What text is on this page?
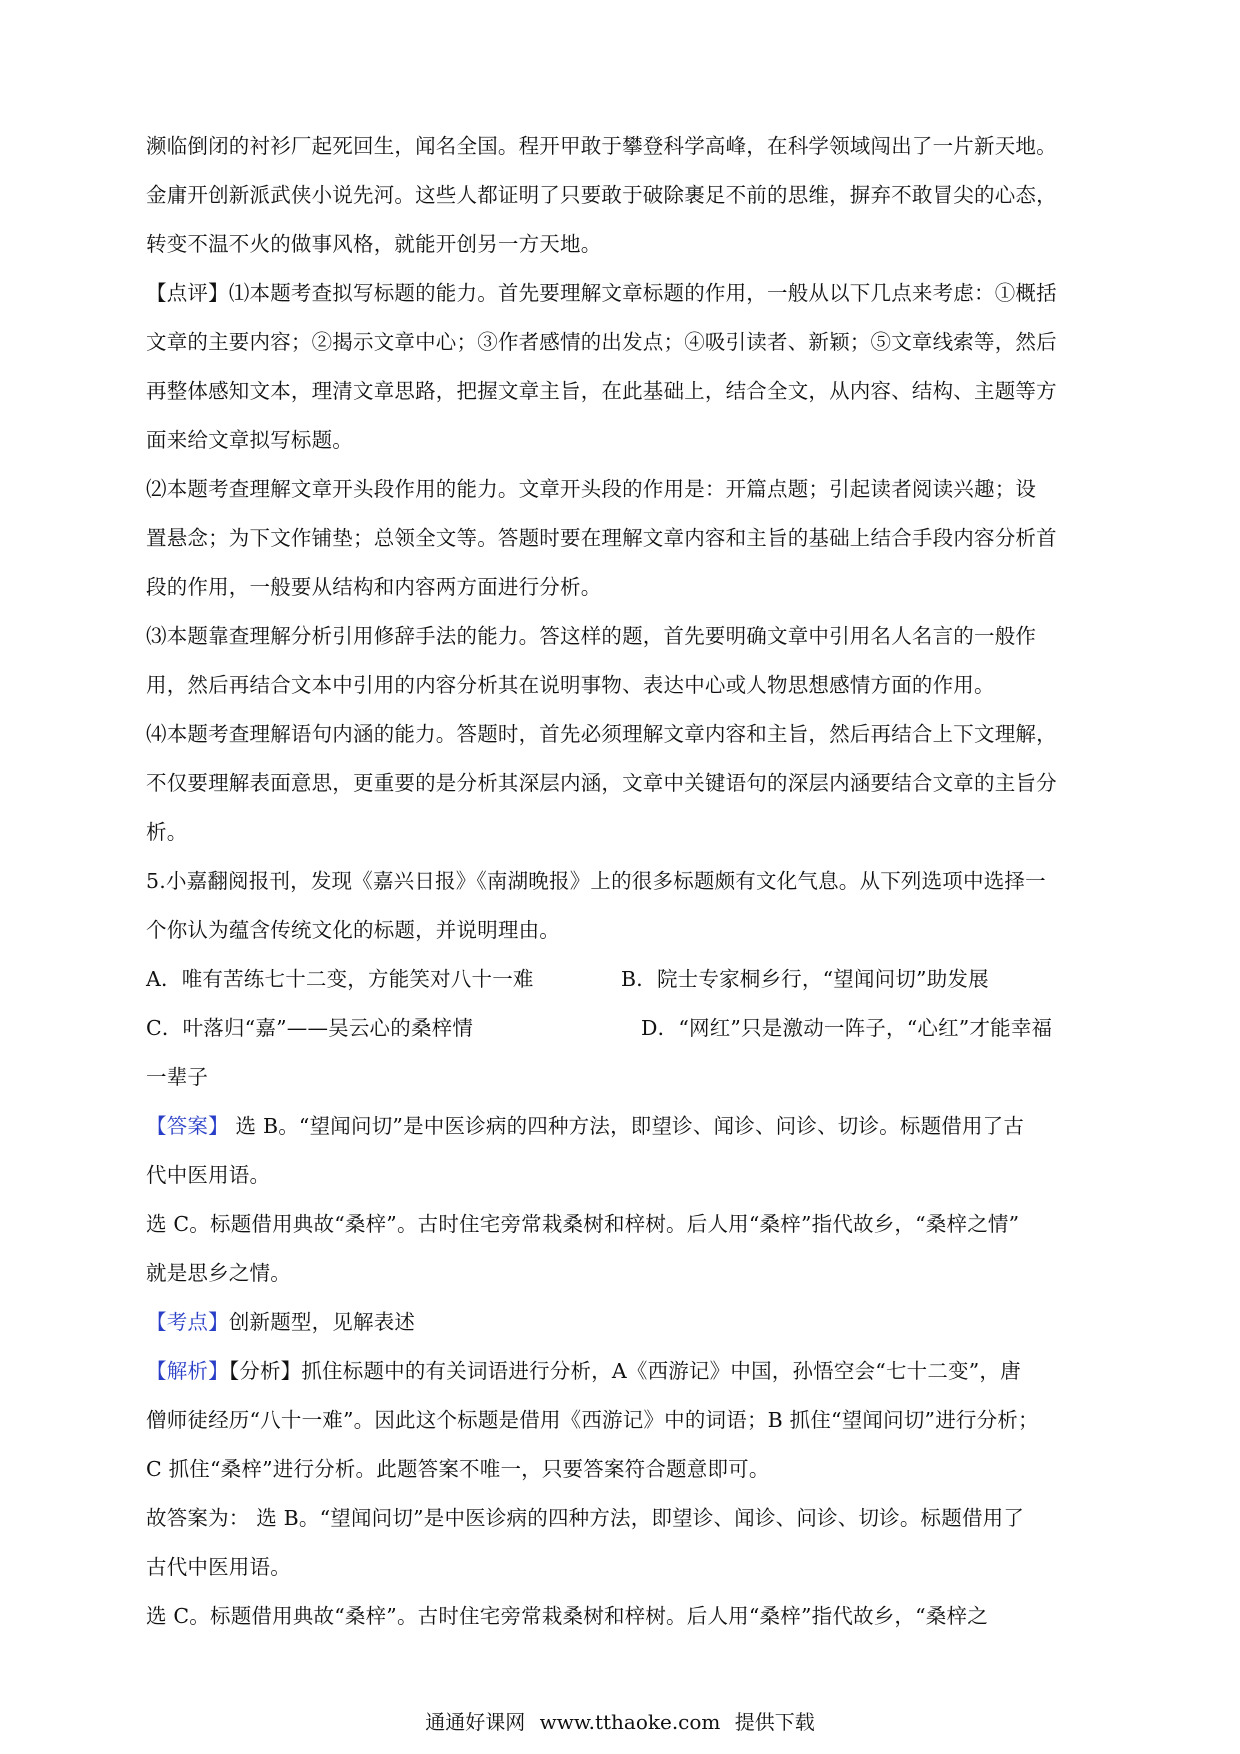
濒临倒闭的衬衫厂起死回生，闻名全国。程开甲敢于攀登科学高峰，在科学领域闯出了一片新天地。

金庸开创新派武侠小说先河。这些人都证明了只要敢于破除裹足不前的思维，摒弃不敢冒尖的心态，

转变不温不火的做事风格，就能开创另一方天地。

【点评】⑴本题考查拟写标题的能力。首先要理解文章标题的作用，一般从以下几点来考虑：①概括

文章的主要内容；②揭示文章中心；③作者感情的出发点；④吸引读者、新颖；⑤文章线索等，然后

再整体感知文本，理清文章思路，把握文章主旨，在此基础上，结合全文，从内容、结构、主题等方

面来给文章拟写标题。

⑵本题考查理解文章开头段作用的能力。文章开头段的作用是：开篇点题；引起读者阅读兴趣；设

置悬念；为下文作铺垫；总领全文等。答题时要在理解文章内容和主旨的基础上结合手段内容分析首

段的作用，一般要从结构和内容两方面进行分析。

⑶本题靠查理解分析引用修辞手法的能力。答这样的题，首先要明确文章中引用名人名言的一般作

用，然后再结合文本中引用的内容分析其在说明事物、表达中心或人物思想感情方面的作用。

⑷本题考查理解语句内涵的能力。答题时，首先必须理解文章内容和主旨，然后再结合上下文理解，

不仅要理解表面意思，更重要的是分析其深层内涵，文章中关键语句的深层内涵要结合文章的主旨分

析。

5.小嘉翻阅报刊，发现《嘉兴日报》《南湖晚报》上的很多标题颇有文化气息。从下列选项中选择一

个你认为蕴含传统文化的标题，并说明理由。

A．唯有苦练七十二变，方能笑对八十一难	B．院士专家桐乡行，“望闻问切”助发展

C．叶落归“嘉”——吴云心的桑梓情	D．“网红”只是激动一阵子，“心红”才能幸福

一辈子

【答案】 选 B。“望闻问切”是中医诊病的四种方法，即望诊、闻诊、问诊、切诊。标题借用了古

代中医用语。

选 C。标题借用典故“桑梓”。古时住宅旁常栽桑树和梓树。后人用“桑梓”指代故乡，“桑梓之情”

就是思乡之情。

【考点】创新题型，见解表述

【解析】【分析】抓住标题中的有关词语进行分析，A《西游记》中国，孙悟空会“七十二变”，唐

僧师徒经历“八十一难”。因此这个标题是借用《西游记》中的词语；B 抓住“望闻问切”进行分析；

C 抓住“桑梓”进行分析。此题答案不唯一，只要答案符合题意即可。

故答案为： 选 B。“望闻问切”是中医诊病的四种方法，即望诊、闻诊、问诊、切诊。标题借用了

古代中医用语。

选 C。标题借用典故“桑梓”。古时住宅旁常栽桑树和梓树。后人用“桑梓”指代故乡，“桑梓之

通通好课网 www.tthaoke.com 提供下载
